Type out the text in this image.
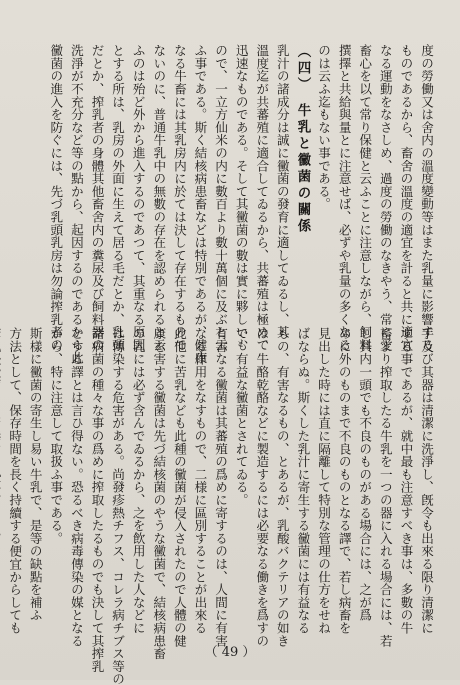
度の勞働又は舍内の溫度變動等はまた乳量に影響する
ものであるから、畜舍の溫度の適宜を計ると共に適宜
なる運動をなさしめ、過度の勞働のなきやう、常に愛
畜心を以て常り保健と云ふことに注意しながら、飼料
撰擇と共給與量とに注意せば、必ずや乳量の多くなる
のは云ふ迄もない事である。
（四）　牛乳と黴菌の關係
乳汁の諸成分は誠に黴菌の發育に適してゐるし、其
溫度迄が共蕃殖に適合してゐるから、共蕃殖は極めて
迅速なものである。そして其黴菌の數は實に夥しいも
ので、一立方仙米の内に數百より數十萬個に及ぶと云
ふ事である。斯く結核病患畜などは特別であるが、健康
なる牛畜には其乳房内に於ては決して存在するもので
ないのに、普通牛乳中の無數の存在を認められると云
ふのは殆ど外から進入するのであつて、其重なる原因
とする所は、乳房の外面に生えて居る毛だとか、乳頭
だとか、搾乳者の身體其他畜舍内の糞尿及び飼料器の
洗淨が不充分など等の點から、起因するのであるから此
黴菌の進入を防ぐには、先づ乳頭乳房は勿論搾乳者の
手及び其器は清潔に洗淨し、旣令も出來る限り清潔に
する事であるが、就中最も注意すべき事は、多數の牛
畜より搾取したる牛乳を一つの器に入れる場合には、若
し其内一頭でも不良のものがある場合には、之が爲
めに外のものまで不良のものとなる譯で、若し病畜を
見出した時には直に隔離して特別な管理の仕方をせね
ばならぬ。斯くした乳汁に寄生する黴菌には有益なる
もの、有害なるもの、とあるが、乳酸バクテリアの如き
は、牛酪乾酪などに製造するには必要なる働きを爲すの
で、有益な黴菌とされてゐる。
有害なる黴菌は其蕃殖の爲めに寄するのは、人間に有害
なる作用をなすもので、二様に區別することが出來る
此他に苦乳なども此種の黴菌が侵入されたので人體の健
康を害する黴菌は先づ結核菌のやうな黴菌で、結核病患畜
の乳には必ず含んでゐるから、之を飲用した人などに
は傳染する危害がある。尚發疹熱チフス、コレラ病チブス等の
諸病菌の種々な事の爲めに搾取したるものでも決して其搾乳
とする譯とは言ひ得ない。恐るべき病毒傳染の媒となる
から、特に注意して取扱ふ事である。
斯樣に黴菌の寄生し易い牛乳で、是等の缺點を補ふ
方法として、保存時間を長く持續する便宜からしても
（ 49 ）
